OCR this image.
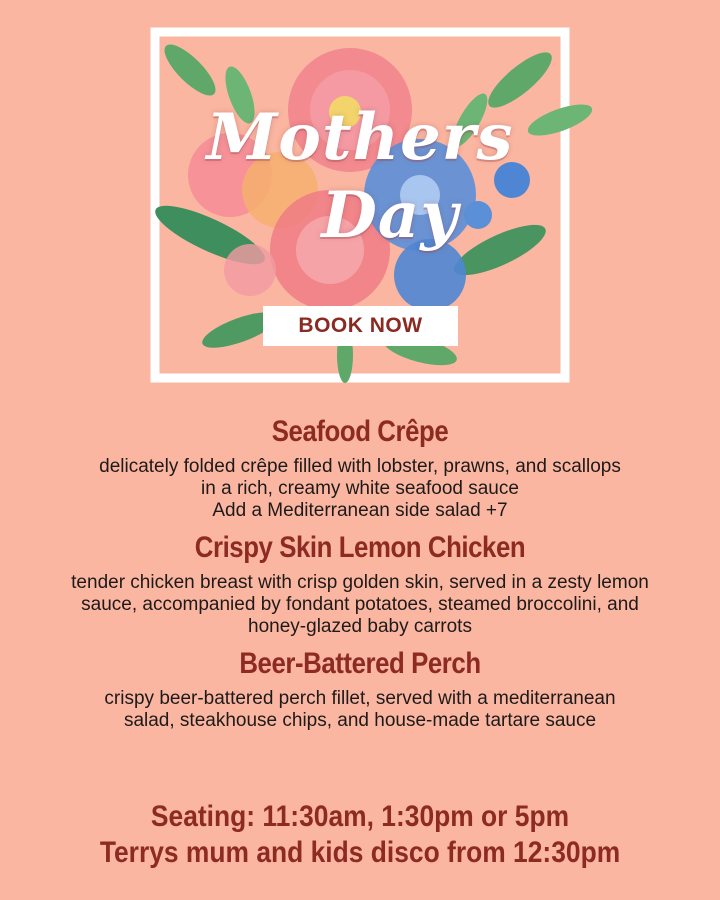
Mothers
Day
BOOK NOW
Seafood Crêpe

delicately folded crêpe filled with lobster, prawns, and scallops
in a rich, creamy white seafood sauce
Add a Mediterranean side salad +7

Crispy Skin Lemon Chicken

tender chicken breast with crisp golden skin, served in a zesty lemon
sauce, accompanied by fondant potatoes, steamed broccolini, and
honey-glazed baby carrots

Beer-Battered Perch

crispy beer-battered perch fillet, served with a mediterranean
salad, steakhouse chips, and house-made tartare sauce

Seating: 11:30am, 1:30pm or 5pm
Terrys mum and kids disco from 12:30pm
